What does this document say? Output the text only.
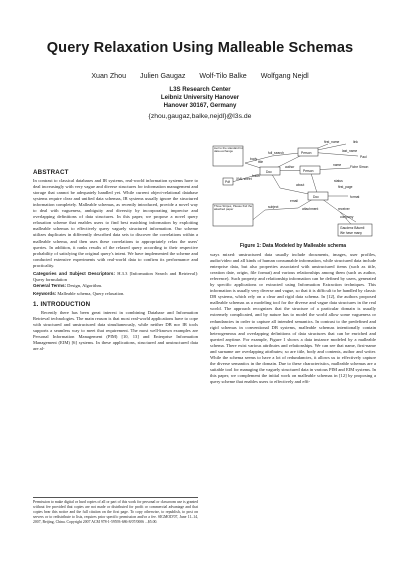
Query Relaxation Using Malleable Schemas
Xuan Zhou Julien Gaugaz Wolf-Tilo Balke Wolfgang Nejdl
L3S Research Center
Leibniz University Hanover
Hanover 30167, Germany
{zhou,gaugaz,balke,nejdl}@l3s.de
ABSTRACT

In contrast to classical databases and IR systems, real-world information systems have to deal increasingly with very vague and diverse structures for information management and storage that cannot be adequately handled yet. While current object-relational database systems require clear and unified data schemas, IR systems usually ignore the structured information completely. Malleable schemas, as recently introduced, provide a novel way to deal with vagueness, ambiguity and diversity by incorporating imprecise and overlapping definitions of data structures. In this paper, we propose a novel query relaxation scheme that enables users to find best matching information by exploiting malleable schemas to effectively query vaguely structured information. Our scheme utilizes duplicates in differently described data sets to discover the correlations within a malleable schema, and then uses these correlations to appropriately relax the users' queries. In addition, it ranks results of the relaxed query according to their respective probability of satisfying the original query's intent. We have implemented the scheme and conducted extensive experiments with real-world data to confirm its performance and practicality.

Categories and Subject Descriptors: H.3.3 [Information Search and Retrieval]: Query formulation

General Terms: Design, Algorithm.

Keywords: Malleable schema, Query relaxation.

1. INTRODUCTION

Recently there has been great interest in combining Database and Information Retrieval technologies. The main reason is that most real-world applications have to cope with structured and unstructured data simultaneously, while neither DB nor IR tools supports a seamless way to meet that requirement. The most well-known examples are Personal Information Management (PIM) [10, 13] and Enterprise Information Management (EIM) [6] systems. In these applications, structured and unstructured data are al-

Permission to make digital or hard copies of all or part of this work for personal or classroom use is granted without fee provided that copies are not made or distributed for profit or commercial advantage and that copies bear this notice and the full citation on the first page. To copy otherwise, to republish, to post on servers or to redistribute to lists, requires prior specific permission and/or a fee. SIGMOD'07, June 11–14, 2007, Beijing, China. Copyright 2007 ACM 978-1-59593-686-8/07/0006 ...$5.00.
first_name	link
full_search	Person	last_name
Paul
body
title
Doc
author
Person
Fiche Simon
name
Pdf
XML sheet
folder
status
first_page
about
Doc	format
email
attachment	receiver
subject
company
Gaudenz Bäumli
We have many
tool to the standard for data exchange
Three Stripes, Please find the attached paper
Figure 1: Data Modeled by Malleable schema
ways mixed: unstructured data usually include documents, images, user profiles, audio/video and all kinds of human consumable information, while structured data include enterprise data, but also properties associated with unstructured items (such as title, creation date, origin, file format) and various relationships among them (such as author, reference). Such property and relationship information can be defined by users, generated by specific applications or extracted using Information Extraction techniques. This information is usually very diverse and vague, so that it is difficult to be handled by classic DB systems, which rely on a clear and rigid data schema. In [12], the authors proposed malleable schemas as a modeling tool for the diverse and vague data structures in the real world. The approach recognizes that the structure of a particular domain is usually extremely complicated, and by nature has to model the world allow some vagueness or redundancies in order to capture all intended semantics. In contrast to the predefined and rigid schemas in conventional DB systems, malleable schemas intentionally contain heterogeneous and overlapping definitions of data structures that can be enriched and queried anytime. For example, Figure 1 shows a data instance modeled by a malleable schema. There exist various attributes and relationships. We can see that name, first-name and surname are overlapping attributes; so are title, body and contents, author and writer. While the schema seems to have a lot of redundancies, it allows us to effectively capture the diverse semantics in the domain. Due to these characteristics, malleable schemas are a suitable tool for managing the vaguely structured data in various PIM and EIM systems. In this paper, we complement the initial work on malleable schemas in [12] by proposing a query scheme that enables users to effectively and effi-
